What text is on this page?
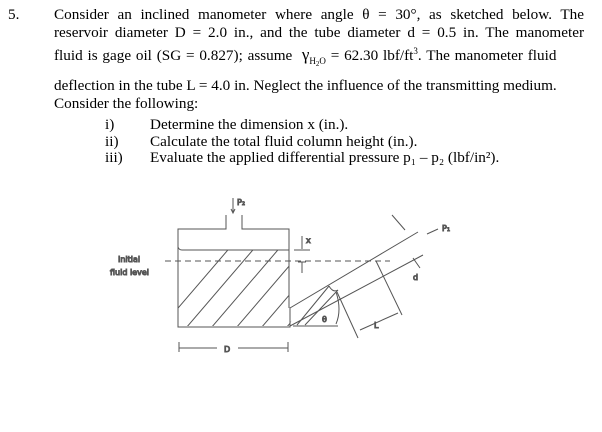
5. Consider an inclined manometer where angle θ = 30°, as sketched below. The
reservoir diameter D = 2.0 in., and the tube diameter d = 0.5 in. The manometer
fluid is gage oil (SG = 0.827); assume $\gamma_{H_2O} = 62.30$ lbf/$ft^3$. The manometer fluid
deflection in the tube L = 4.0 in. Neglect the influence of the transmitting medium.
Consider the following:
i)	Determine the dimension x (in.).
ii)	Calculate the total fluid column height (in.).
iii)	Evaluate the applied differential pressure p₁ – p₂ (lbf/in²).
P₂
x
Initial
fluid level
d
L
θ
P₁
D
